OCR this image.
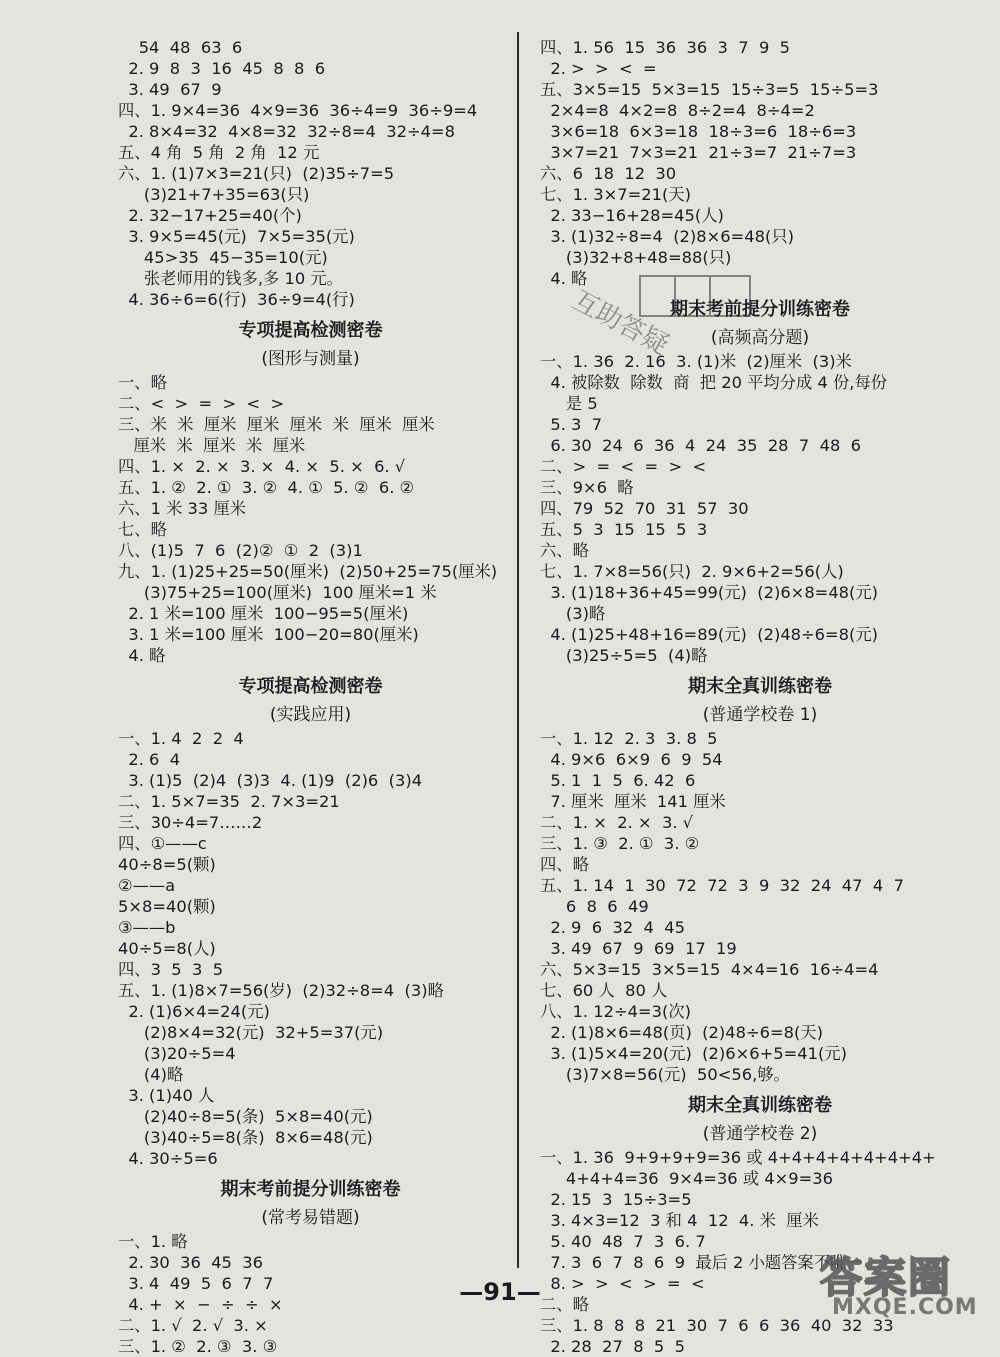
54  48  63  6
2. 9  8  3  16  45  8  8  6
3. 49  67  9
四、1. 9×4=36  4×9=36  36÷4=9  36÷9=4
2. 8×4=32  4×8=32  32÷8=4  32÷4=8
五、4 角  5 角  2 角  12 元
六、1. (1)7×3=21(只)  (2)35÷7=5
(3)21+7+35=63(只)
2. 32−17+25=40(个)
3. 9×5=45(元)  7×5=35(元)
45>35  45−35=10(元)
张老师用的钱多,多 10 元。
4. 36÷6=6(行)  36÷9=4(行)
专项提高检测密卷
(图形与测量)
一、略
二、<  >  =  >  <  >
三、米  米  厘米  厘米  厘米  米  厘米  厘米
厘米  米  厘米  米  厘米
四、1. ×  2. ×  3. ×  4. ×  5. ×  6. √
五、1. ②  2. ①  3. ②  4. ①  5. ②  6. ②
六、1 米 33 厘米
七、略
八、(1)5  7  6  (2)②  ①  2  (3)1
九、1. (1)25+25=50(厘米)  (2)50+25=75(厘米)
(3)75+25=100(厘米)  100 厘米=1 米
2. 1 米=100 厘米  100−95=5(厘米)
3. 1 米=100 厘米  100−20=80(厘米)
4. 略
专项提高检测密卷
(实践应用)
一、1. 4  2  2  4
2. 6  4
3. (1)5  (2)4  (3)3  4. (1)9  (2)6  (3)4
二、1. 5×7=35  2. 7×3=21
三、30÷4=7……2
四、①——c
40÷8=5(颗)
②——a
5×8=40(颗)
③——b
40÷5=8(人)
四、3  5  3  5
五、1. (1)8×7=56(岁)  (2)32÷8=4  (3)略
2. (1)6×4=24(元)
(2)8×4=32(元)  32+5=37(元)
(3)20÷5=4
(4)略
3. (1)40 人
(2)40÷8=5(条)  5×8=40(元)
(3)40÷5=8(条)  8×6=48(元)
4. 30÷5=6
期末考前提分训练密卷
(常考易错题)
一、1. 略
2. 30  36  45  36
3. 4  49  5  6  7  7
4. +  ×  −  ÷  ÷  ×
二、1. √  2. √  3. ×
三、1. ②  2. ③  3. ③
四、1. 56  15  36  36  3  7  9  5
2. >  >  <  =
五、3×5=15  5×3=15  15÷3=5  15÷5=3
2×4=8  4×2=8  8÷2=4  8÷4=2
3×6=18  6×3=18  18÷3=6  18÷6=3
3×7=21  7×3=21  21÷3=7  21÷7=3
六、6  18  12  30
七、1. 3×7=21(天)
2. 33−16+28=45(人)
3. (1)32÷8=4  (2)8×6=48(只)
(3)32+8+48=88(只)
4. 略
期末考前提分训练密卷
(高频高分题)
一、1. 36  2. 16  3. (1)米  (2)厘米  (3)米
4. 被除数  除数  商  把 20 平均分成 4 份,每份
是 5
5. 3  7
6. 30  24  6  36  4  24  35  28  7  48  6
二、>  =  <  =  >  <
三、9×6  略
四、79  52  70  31  57  30
五、5  3  15  15  5  3
六、略
七、1. 7×8=56(只)  2. 9×6+2=56(人)
3. (1)18+36+45=99(元)  (2)6×8=48(元)
(3)略
4. (1)25+48+16=89(元)  (2)48÷6=8(元)
(3)25÷5=5  (4)略
期末全真训练密卷
(普通学校卷 1)
一、1. 12  2. 3  3. 8  5
4. 9×6  6×9  6  9  54
5. 1  1  5  6. 42  6
7. 厘米  厘米  141 厘米
二、1. ×  2. ×  3. √
三、1. ③  2. ①  3. ②
四、略
五、1. 14  1  30  72  72  3  9  32  24  47  4  7
6  8  6  49
2. 9  6  32  4  45
3. 49  67  9  69  17  19
六、5×3=15  3×5=15  4×4=16  16÷4=4
七、60 人  80 人
八、1. 12÷4=3(次)
2. (1)8×6=48(页)  (2)48÷6=8(天)
3. (1)5×4=20(元)  (2)6×6+5=41(元)
(3)7×8=56(元)  50<56,够。
期末全真训练密卷
(普通学校卷 2)
一、1. 36  9+9+9+9=36 或 4+4+4+4+4+4+4+
4+4+4=36  9×4=36 或 4×9=36
2. 15  3  15÷3=5
3. 4×3=12  3 和 4  12  4. 米  厘米
5. 40  48  7  3  6. 7
7. 3  6  7  8  6  9  最后 2 小题答案不唯一
8. >  >  <  >  =  <
二、略
三、1. 8  8  8  21  30  7  6  6  36  40  32  33
2. 28  27  8  5  5
互助答疑
答案圈
MXQE.COM
—91—
